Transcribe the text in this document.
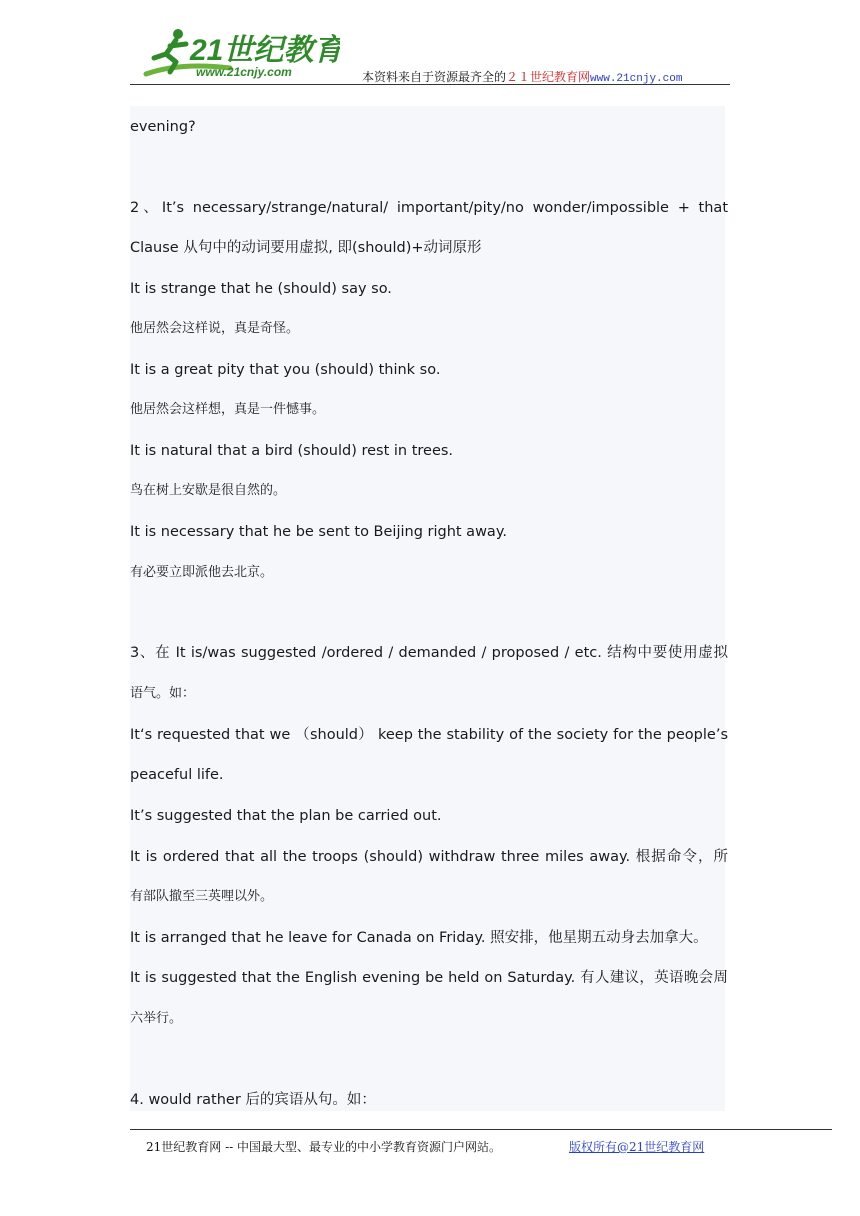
21世纪教育
www.21cnjy.com	本资料来自于资源最齐全的２１世纪教育网www.21cnjy.com
evening?
2、It’s necessary/strange/natural/ important/pity/no wonder/impossible + that
Clause 从句中的动词要用虚拟, 即(should)+动词原形
It is strange that he (should) say so.
他居然会这样说，真是奇怪。
It is a great pity that you (should) think so.
他居然会这样想，真是一件憾事。
It is natural that a bird (should) rest in trees.
鸟在树上安歇是很自然的。
It is necessary that he be sent to Beijing right away.
有必要立即派他去北京。
3、在 It is/was suggested /ordered / demanded / proposed / etc. 结构中要使用虚拟
语气。如：
It‘s requested that we （should） keep the stability of the society for the people’s
peaceful life.
It’s suggested that the plan be carried out.
It is ordered that all the troops (should) withdraw three miles away. 根据命令，所
有部队撤至三英哩以外。
It is arranged that he leave for Canada on Friday. 照安排，他星期五动身去加拿大。
It is suggested that the English evening be held on Saturday. 有人建议，英语晚会周
六举行。
4. would rather 后的宾语从句。如：
21世纪教育网 -- 中国最大型、最专业的中小学教育资源门户网站。	版权所有@21世纪教育网
